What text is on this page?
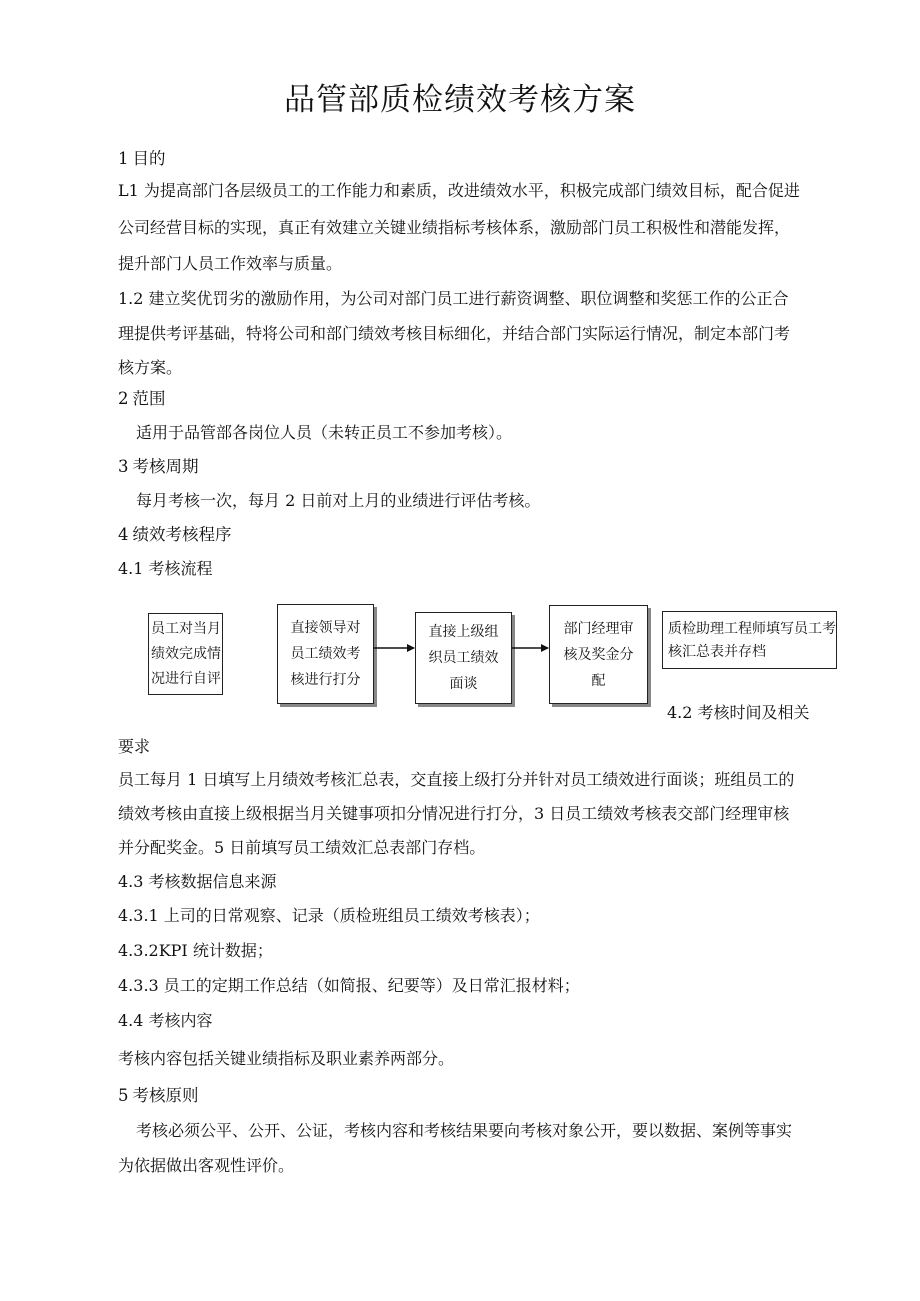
品管部质检绩效考核方案

1 目的

L1 为提高部门各层级员工的工作能力和素质，改进绩效水平，积极完成部门绩效目标，配合促进

公司经营目标的实现，真正有效建立关键业绩指标考核体系，激励部门员工积极性和潜能发挥，

提升部门人员工作效率与质量。

1.2 建立奖优罚劣的激励作用，为公司对部门员工进行薪资调整、职位调整和奖惩工作的公正合

理提供考评基础，特将公司和部门绩效考核目标细化，并结合部门实际运行情况，制定本部门考

核方案。

2 范围

适用于品管部各岗位人员（未转正员工不参加考核）。

3 考核周期

每月考核一次，每月 2 日前对上月的业绩进行评估考核。

4 绩效考核程序

4.1 考核流程

员工对当月
绩效完成情
况进行自评
直接领导对
员工绩效考
核进行打分
直接上级组
织员工绩效
面谈
部门经理审
核及奖金分
配
质检助理工程师填写员工考
核汇总表并存档

4.2 考核时间及相关

要求

员工每月 1 日填写上月绩效考核汇总表，交直接上级打分并针对员工绩效进行面谈；班组员工的

绩效考核由直接上级根据当月关键事项扣分情况进行打分，3 日员工绩效考核表交部门经理审核

并分配奖金。5 日前填写员工绩效汇总表部门存档。

4.3 考核数据信息来源

4.3.1 上司的日常观察、记录（质检班组员工绩效考核表）；

4.3.2KPI 统计数据；

4.3.3 员工的定期工作总结（如简报、纪要等）及日常汇报材料；

4.4 考核内容

考核内容包括关键业绩指标及职业素养两部分。

5 考核原则

考核必须公平、公开、公证，考核内容和考核结果要向考核对象公开，要以数据、案例等事实

为依据做出客观性评价。
